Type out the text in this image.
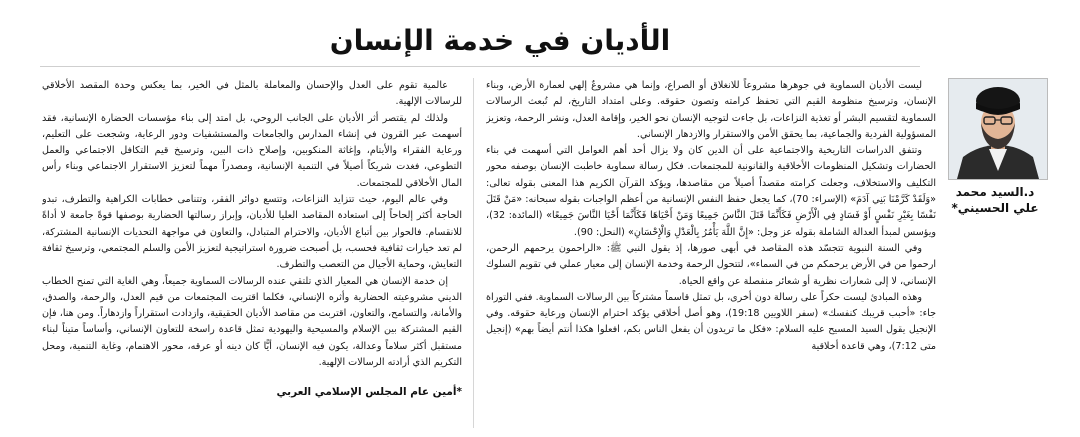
الأديان في خدمة الإنسان
د.السيد محمد
علي الحسيني*

ليست الأديان السماوية في جوهرها مشروعاً للانغلاق أو الصراع، وإنما هي مشروعٌ إلهي لعمارة الأرض، وبناء الإنسان، وترسيخ منظومة القيم التي تحفظ كرامته وتصون حقوقه. وعلى امتداد التاريخ، لم تُبعث الرسالات السماوية لتقسيم البشر أو تغذية النزاعات، بل جاءت لتوجيه الإنسان نحو الخير، وإقامة العدل، ونشر الرحمة، وتعزيز المسؤولية الفردية والجماعية، بما يحقق الأمن والاستقرار والازدهار الإنساني.

وتتفق الدراسات التاريخية والاجتماعية على أن الدين كان ولا يزال أحد أهم العوامل التي أسهمت في بناء الحضارات وتشكيل المنظومات الأخلاقية والقانونية للمجتمعات. فكل رسالة سماوية خاطبت الإنسان بوصفه محور التكليف والاستخلاف، وجعلت كرامته مقصداً أصيلاً من مقاصدها، ويؤكد القرآن الكريم هذا المعنى بقوله تعالى: «وَلَقَدْ كَرَّمْنَا بَنِي آدَمَ» (الإسراء: 70)، كما يجعل حفظ النفس الإنسانية من أعظم الواجبات بقوله سبحانه: «مَنْ قَتَلَ نَفْسًا بِغَيْرِ نَفْسٍ أَوْ فَسَادٍ فِي الْأَرْضِ فَكَأَنَّمَا قَتَلَ النَّاسَ جَمِيعًا وَمَنْ أَحْيَاهَا فَكَأَنَّمَا أَحْيَا النَّاسَ جَمِيعًا» (المائدة: 32)، ويؤسس لمبدأ العدالة الشاملة بقوله عز وجل: «إِنَّ اللَّهَ يَأْمُرُ بِالْعَدْلِ وَالْإِحْسَانِ» (النحل: 90).

وفي السنة النبوية تتجسّد هذه المقاصد في أبهى صورها، إذ يقول النبي ﷺ: «الراحمون يرحمهم الرحمن، ارحموا من في الأرض يرحمكم من في السماء»، لتتحول الرحمة وخدمة الإنسان إلى معيار عملي في تقويم السلوك الإنساني، لا إلى شعارات نظرية أو شعائر منفصلة عن واقع الحياة.

وهذه المبادئ ليست حكراً على رسالة دون أخرى، بل تمثل قاسماً مشتركاً بين الرسالات السماوية. ففي التوراة جاء: «أحبب قريبك كنفسك» (سفر اللاويين 19:18)، وهو أصل أخلاقي يؤكد احترام الإنسان ورعاية حقوقه. وفي الإنجيل يقول السيد المسيح عليه السلام: «فكل ما تريدون أن يفعل الناس بكم، افعلوا هكذا أنتم أيضاً بهم» (إنجيل متى 7:12)، وهي قاعدة أخلاقية

عالمية تقوم على العدل والإحسان والمعاملة بالمثل في الخير، بما يعكس وحدة المقصد الأخلاقي للرسالات الإلهية.

ولذلك لم يقتصر أثر الأديان على الجانب الروحي، بل امتد إلى بناء مؤسسات الحضارة الإنسانية، فقد أسهمت عبر القرون في إنشاء المدارس والجامعات والمستشفيات ودور الرعاية، وشجعت على التعليم، ورعاية الفقراء والأيتام، وإغاثة المنكوبين، وإصلاح ذات البين، وترسيخ قيم التكافل الاجتماعي والعمل التطوعي، فغدت شريكاً أصيلاً في التنمية الإنسانية، ومصدراً مهماً لتعزيز الاستقرار الاجتماعي وبناء رأس المال الأخلاقي للمجتمعات.

وفي عالم اليوم، حيث تتزايد النزاعات، وتتسع دوائر الفقر، وتتنامى خطابات الكراهية والتطرف، تبدو الحاجة أكثر إلحاحاً إلى استعادة المقاصد العليا للأديان، وإبراز رسالتها الحضارية بوصفها قوةً جامعة لا أداةً للانقسام. فالحوار بين أتباع الأديان، والاحترام المتبادل، والتعاون في مواجهة التحديات الإنسانية المشتركة، لم تعد خيارات ثقافية فحسب، بل أصبحت ضرورة استراتيجية لتعزيز الأمن والسلم المجتمعي، وترسيخ ثقافة التعايش، وحماية الأجيال من التعصب والتطرف.

إن خدمة الإنسان هي المعيار الذي تلتقي عنده الرسالات السماوية جميعاً، وهي الغاية التي تمنح الخطاب الديني مشروعيته الحضارية وأثره الإنساني، فكلما اقتربت المجتمعات من قيم العدل، والرحمة، والصدق، والأمانة، والتسامح، والتعاون، اقتربت من مقاصد الأديان الحقيقية، وازدادت استقراراً وازدهاراً. ومن هنا، فإن القيم المشتركة بين الإسلام والمسيحية واليهودية تمثل قاعدة راسخة للتعاون الإنساني، وأساساً متيناً لبناء مستقبل أكثر سلاماً وعدالة، يكون فيه الإنسان، أيًّا كان دينه أو عرقه، محور الاهتمام، وغاية التنمية، ومحل التكريم الذي أرادته الرسالات الإلهية.

*أمين عام المجلس الإسلامي العربي
